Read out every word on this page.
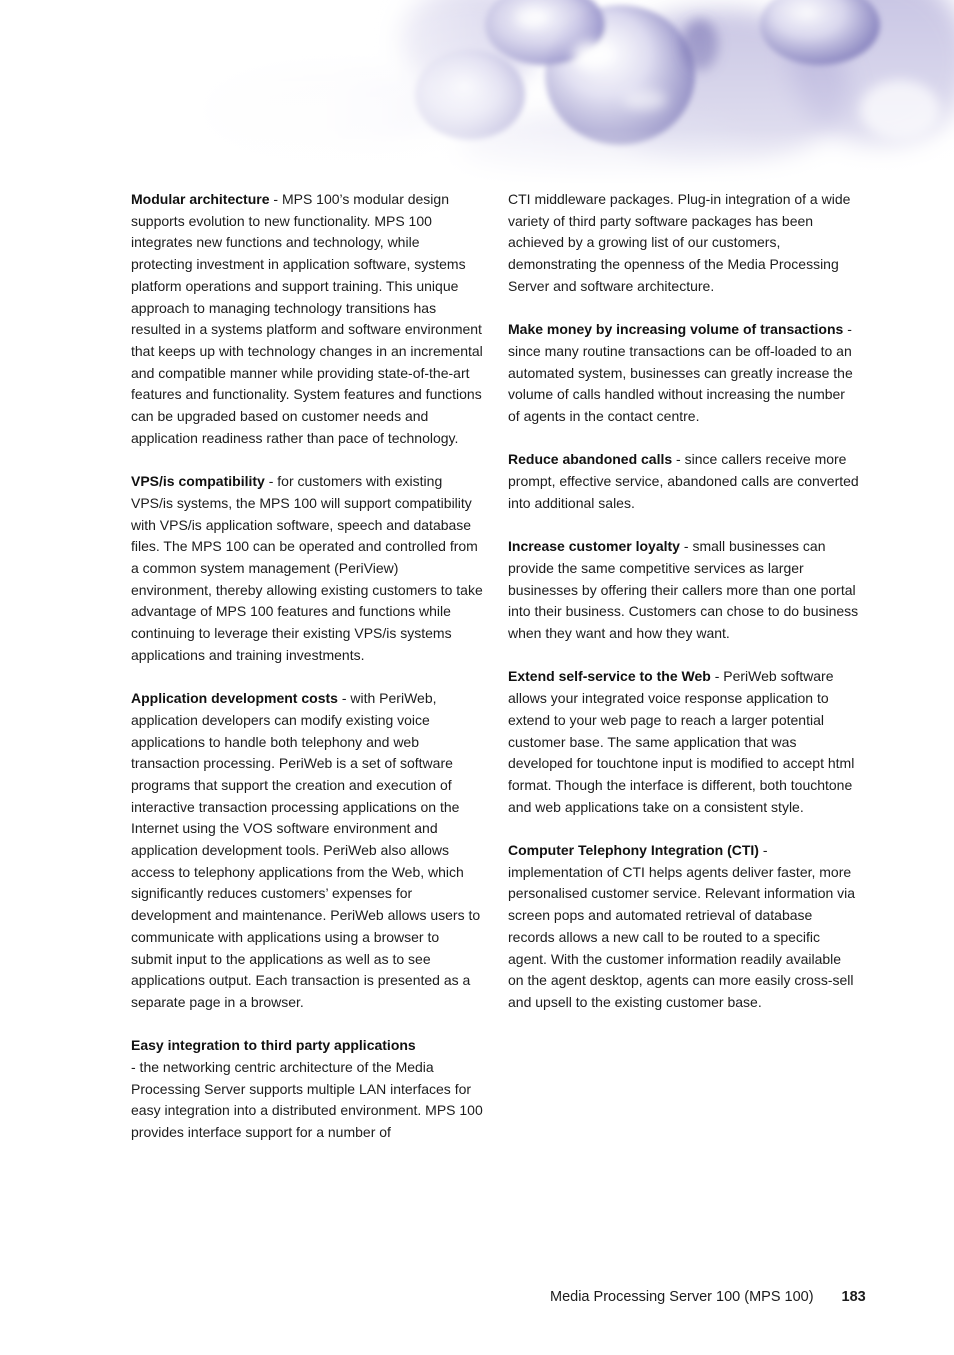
Modular architecture - MPS 100’s modular design supports evolution to new functionality. MPS 100 integrates new functions and technology, while protecting investment in application software, systems platform operations and support training. This unique approach to managing technology transitions has resulted in a systems platform and software environment that keeps up with technology changes in an incremental and compatible manner while providing state-of-the-art features and functionality. System features and functions can be upgraded based on customer needs and application readiness rather than pace of technology.

VPS/is compatibility - for customers with existing VPS/is systems, the MPS 100 will support compatibility with VPS/is application software, speech and database files. The MPS 100 can be operated and controlled from a common system management (PeriView) environment, thereby allowing existing customers to take advantage of MPS 100 features and functions while continuing to leverage their existing VPS/is systems applications and training investments.

Application development costs - with PeriWeb, application developers can modify existing voice applications to handle both telephony and web transaction processing. PeriWeb is a set of software programs that support the creation and execution of interactive transaction processing applications on the Internet using the VOS software environment and application development tools. PeriWeb also allows access to telephony applications from the Web, which significantly reduces customers’ expenses for development and maintenance. PeriWeb allows users to communicate with applications using a browser to submit input to the applications as well as to see applications output. Each transaction is presented as a separate page in a browser.

Easy integration to third party applications
- the networking centric architecture of the Media Processing Server supports multiple LAN interfaces for easy integration into a distributed environment. MPS 100 provides interface support for a number of

CTI middleware packages. Plug-in integration of a wide variety of third party software packages has been achieved by a growing list of our customers, demonstrating the openness of the Media Processing Server and software architecture.

Make money by increasing volume of transactions - since many routine transactions can be off-loaded to an automated system, businesses can greatly increase the volume of calls handled without increasing the number of agents in the contact centre.

Reduce abandoned calls - since callers receive more prompt, effective service, abandoned calls are converted into additional sales.

Increase customer loyalty - small businesses can provide the same competitive services as larger businesses by offering their callers more than one portal into their business. Customers can chose to do business when they want and how they want.

Extend self-service to the Web - PeriWeb software allows your integrated voice response application to extend to your web page to reach a larger potential customer base. The same application that was developed for touchtone input is modified to accept html format. Though the interface is different, both touchtone and web applications take on a consistent style.

Computer Telephony Integration (CTI) - implementation of CTI helps agents deliver faster, more personalised customer service. Relevant information via screen pops and automated retrieval of database records allows a new call to be routed to a specific agent. With the customer information readily available on the agent desktop, agents can more easily cross-sell and upsell to the existing customer base.

Media Processing Server 100 (MPS 100) 183
